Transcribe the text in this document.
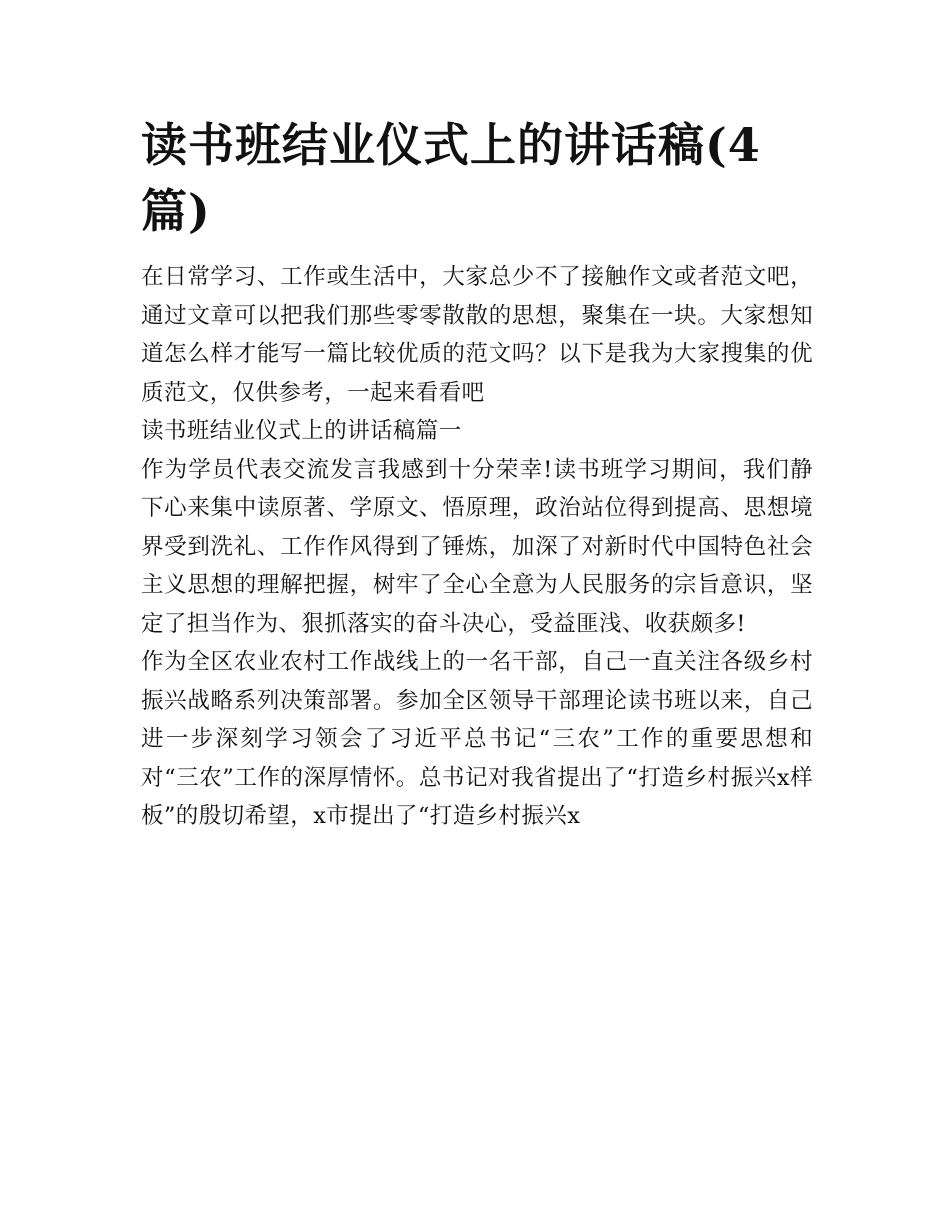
读书班结业仪式上的讲话稿(4篇)

在日常学习、工作或生活中，大家总少不了接触作文或者范文吧，通过文章可以把我们那些零零散散的思想，聚集在一块。大家想知道怎么样才能写一篇比较优质的范文吗？以下是我为大家搜集的优质范文，仅供参考，一起来看看吧

读书班结业仪式上的讲话稿篇一

作为学员代表交流发言我感到十分荣幸!读书班学习期间，我们静下心来集中读原著、学原文、悟原理，政治站位得到提高、思想境界受到洗礼、工作作风得到了锤炼，加深了对新时代中国特色社会主义思想的理解把握，树牢了全心全意为人民服务的宗旨意识，坚定了担当作为、狠抓落实的奋斗决心，受益匪浅、收获颇多!

作为全区农业农村工作战线上的一名干部，自己一直关注各级乡村振兴战略系列决策部署。参加全区领导干部理论读书班以来，自己进一步深刻学习领会了习近平总书记“三农”工作的重要思想和对“三农”工作的深厚情怀。总书记对我省提出了“打造乡村振兴x样板”的殷切希望，x市提出了“打造乡村振兴x
